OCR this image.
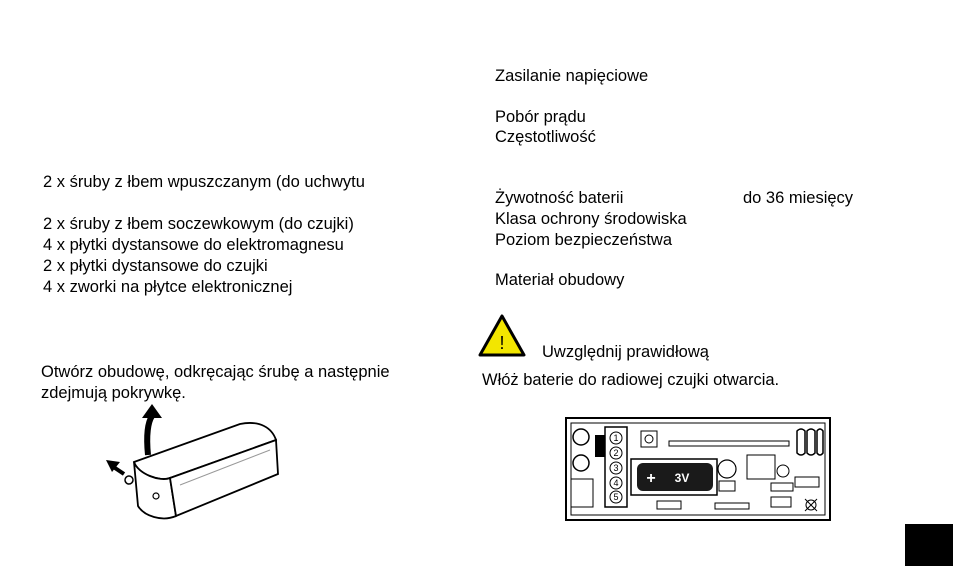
2 x śruby z łbem wpuszczanym (do uchwytu
2 x śruby z łbem soczewkowym (do czujki)
4 x płytki dystansowe do elektromagnesu
2 x płytki dystansowe do czujki
4 x zworki na płytce elektronicznej
Otwórz obudowę, odkręcając śrubę a następnie
zdejmują pokrywkę.
Zasilanie napięciowe
Pobór prądu
Częstotliwość
Żywotność baterii	do 36 miesięcy
Klasa ochrony środowiska
Poziom bezpieczeństwa
Materiał obudowy
! Uwzględnij prawidłową
Włóż baterie do radiowej czujki otwarcia.
1
2
3
4
5
+ 3V
